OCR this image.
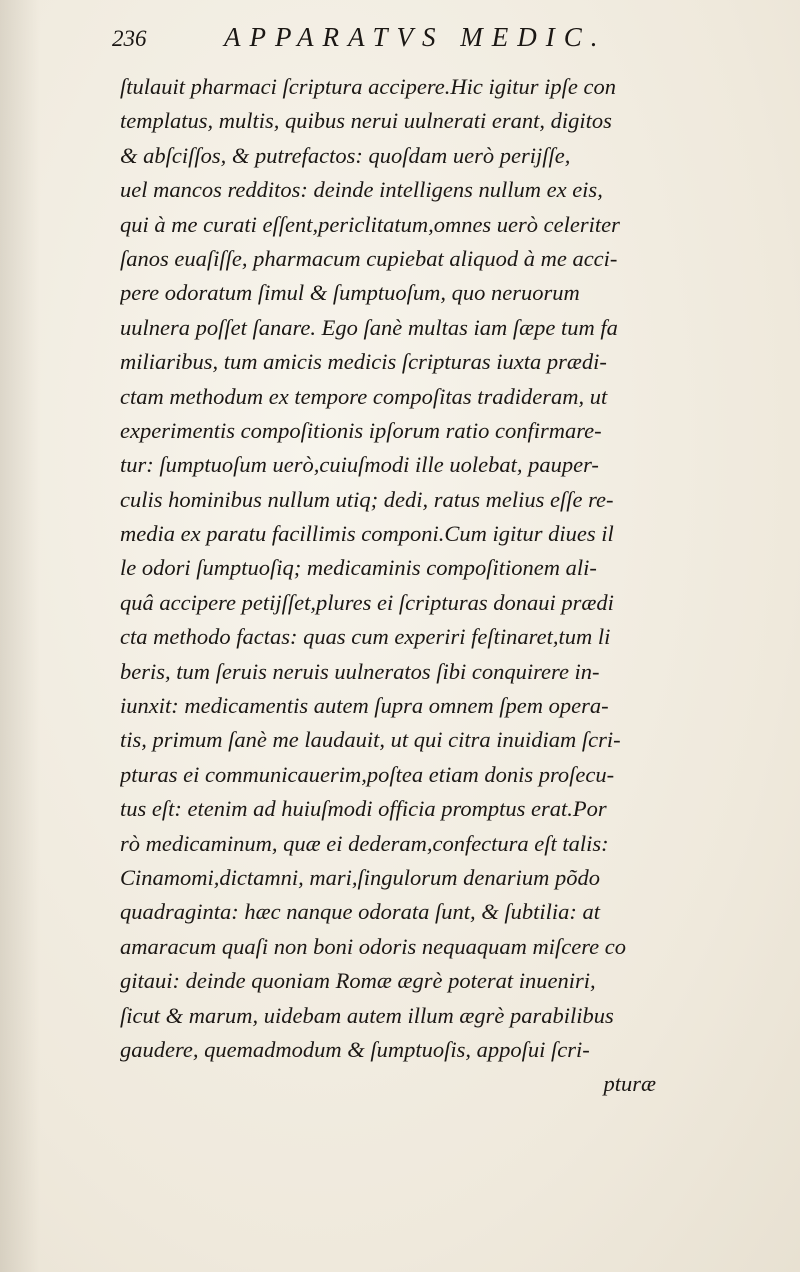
236	APPARATVS MEDIC.
ſtulauit pharmaci ſcriptura accipere.Hic igitur ipſe con
templatus, multis, quibus nerui uulnerati erant, digitos
& abſciſſos, & putrefactos: quoſdam uerò perijſſe,
uel mancos redditos: deinde intelligens nullum ex eis,
qui à me curati eſſent,periclitatum,omnes uerò celeriter
ſanos euaſiſſe, pharmacum cupiebat aliquod à me acci-
pere odoratum ſimul & ſumptuoſum, quo neruorum
uulnera poſſet ſanare. Ego ſanè multas iam ſæpe tum fa
miliaribus, tum amicis medicis ſcripturas iuxta prædi-
ctam methodum ex tempore compoſitas tradideram, ut
experimentis compoſitionis ipſorum ratio confirmare-
tur: ſumptuoſum uerò,cuiuſmodi ille uolebat, pauper-
culis hominibus nullum utiq; dedi, ratus melius eſſe re-
media ex paratu facillimis componi.Cum igitur diues il
le odori ſumptuoſiq; medicaminis compoſitionem ali-
quâ accipere petijſſet,plures ei ſcripturas donaui prædi
cta methodo factas: quas cum experiri feſtinaret,tum li
beris, tum ſeruis neruis uulneratos ſibi conquirere in-
iunxit: medicamentis autem ſupra omnem ſpem opera-
tis, primum ſanè me laudauit, ut qui citra inuidiam ſcri-
pturas ei communicauerim,poſtea etiam donis proſecu-
tus eſt: etenim ad huiuſmodi officia promptus erat.Por
rò medicaminum, quæ ei dederam,confectura eſt talis:
Cinamomi,dictamni, mari,ſingulorum denarium põdo
quadraginta: hæc nanque odorata ſunt, & ſubtilia: at
amaracum quaſi non boni odoris nequaquam miſcere co
gitaui: deinde quoniam Romæ ægrè poterat inueniri,
ſicut & marum, uidebam autem illum ægrè parabilibus
gaudere, quemadmodum & ſumptuoſis, appoſui ſcri-
pturæ
